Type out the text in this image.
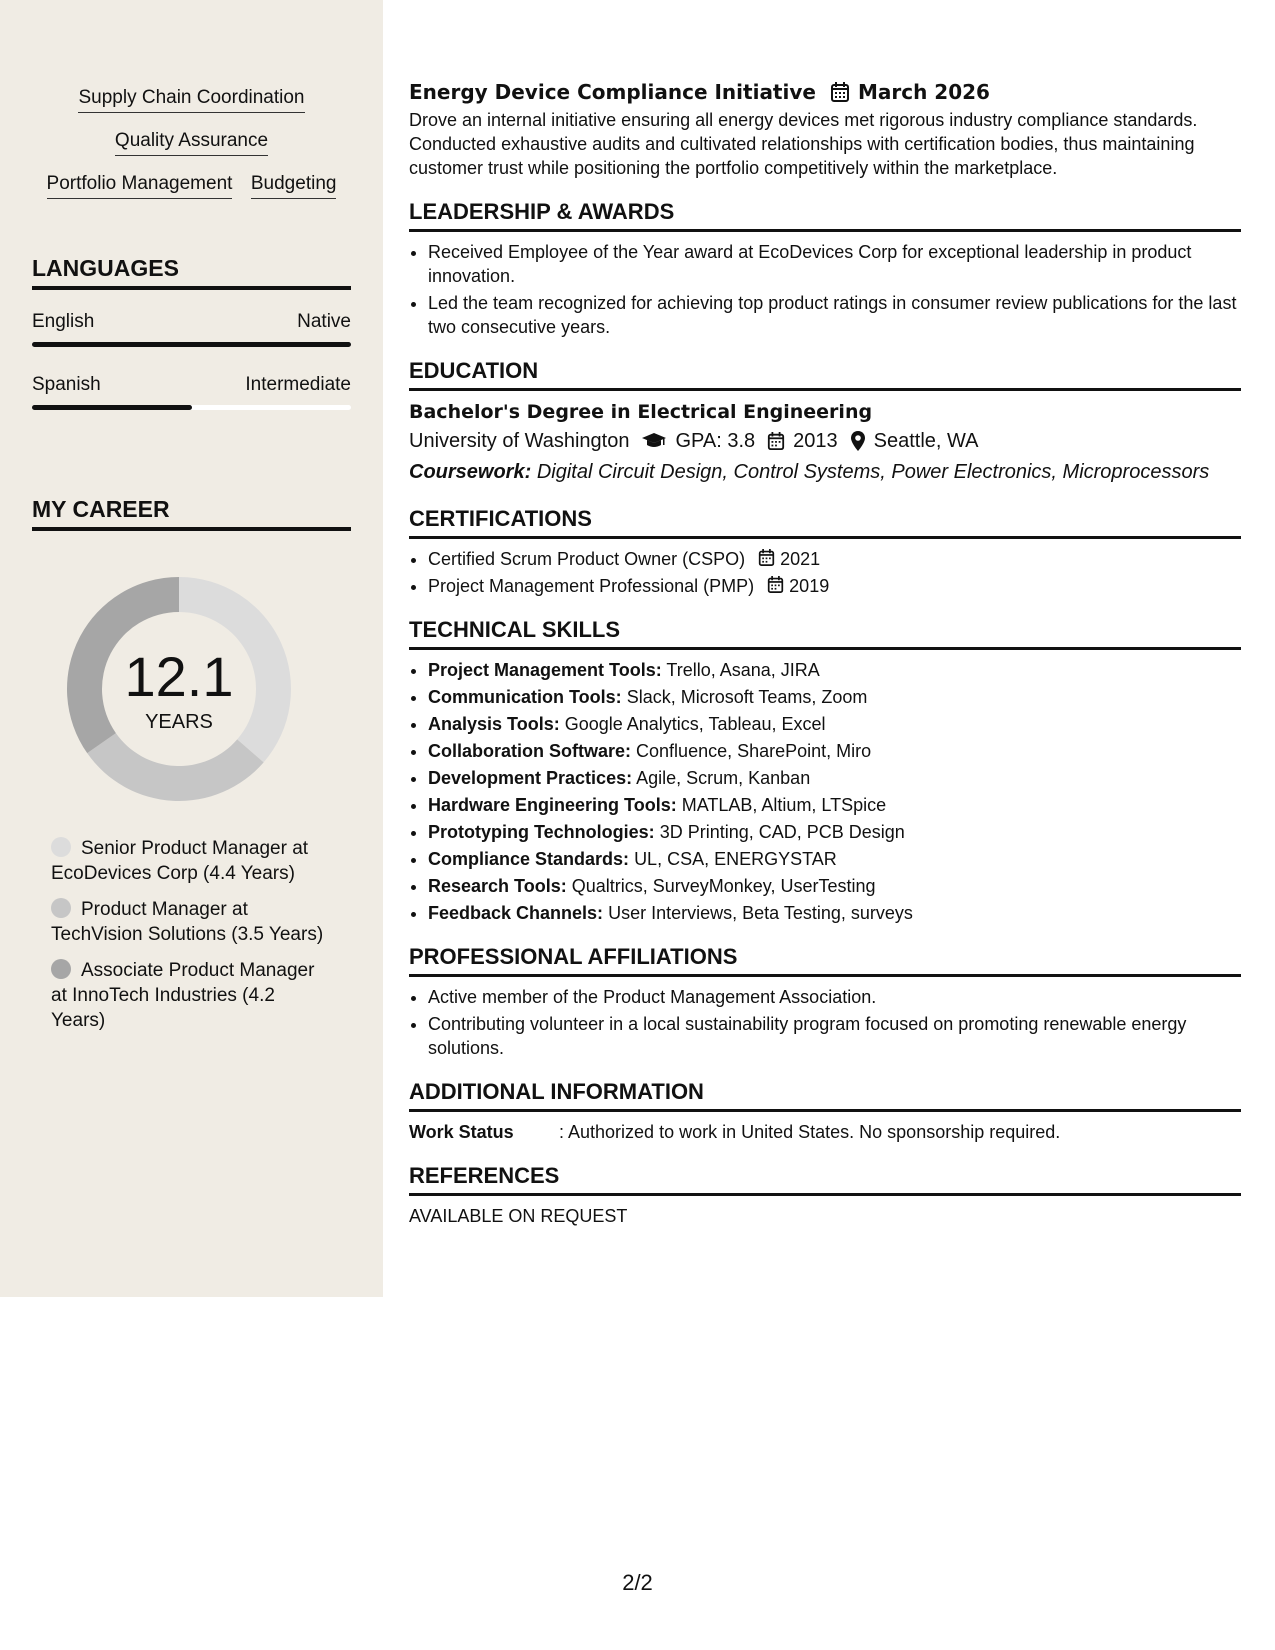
Supply Chain Coordination
Quality Assurance
Portfolio Management Budgeting
LANGUAGES
English	Native
Spanish	Intermediate
MY CAREER
12.1
YEARS
Senior Product Manager at EcoDevices Corp (4.4 Years)
Product Manager at TechVision Solutions (3.5 Years)
Associate Product Manager at InnoTech Industries (4.2 Years)
Energy Device Compliance Initiative March 2026

Drove an internal initiative ensuring all energy devices met rigorous industry compliance standards. Conducted exhaustive audits and cultivated relationships with certification bodies, thus maintaining customer trust while positioning the portfolio competitively within the marketplace.

LEADERSHIP & AWARDS
• Received Employee of the Year award at EcoDevices Corp for exceptional leadership in product innovation.
• Led the team recognized for achieving top product ratings in consumer review publications for the last two consecutive years.
EDUCATION
Bachelor's Degree in Electrical Engineering
University of Washington GPA: 3.8 2013 Seattle, WA
Coursework: Digital Circuit Design, Control Systems, Power Electronics, Microprocessors
CERTIFICATIONS
• Certified Scrum Product Owner (CSPO) 2021
• Project Management Professional (PMP) 2019
TECHNICAL SKILLS
• Project Management Tools: Trello, Asana, JIRA
• Communication Tools: Slack, Microsoft Teams, Zoom
• Analysis Tools: Google Analytics, Tableau, Excel
• Collaboration Software: Confluence, SharePoint, Miro
• Development Practices: Agile, Scrum, Kanban
• Hardware Engineering Tools: MATLAB, Altium, LTSpice
• Prototyping Technologies: 3D Printing, CAD, PCB Design
• Compliance Standards: UL, CSA, ENERGYSTAR
• Research Tools: Qualtrics, SurveyMonkey, UserTesting
• Feedback Channels: User Interviews, Beta Testing, surveys
PROFESSIONAL AFFILIATIONS
• Active member of the Product Management Association.
• Contributing volunteer in a local sustainability program focused on promoting renewable energy solutions.
ADDITIONAL INFORMATION
Work Status	: Authorized to work in United States. No sponsorship required.
REFERENCES
AVAILABLE ON REQUEST
2/2
